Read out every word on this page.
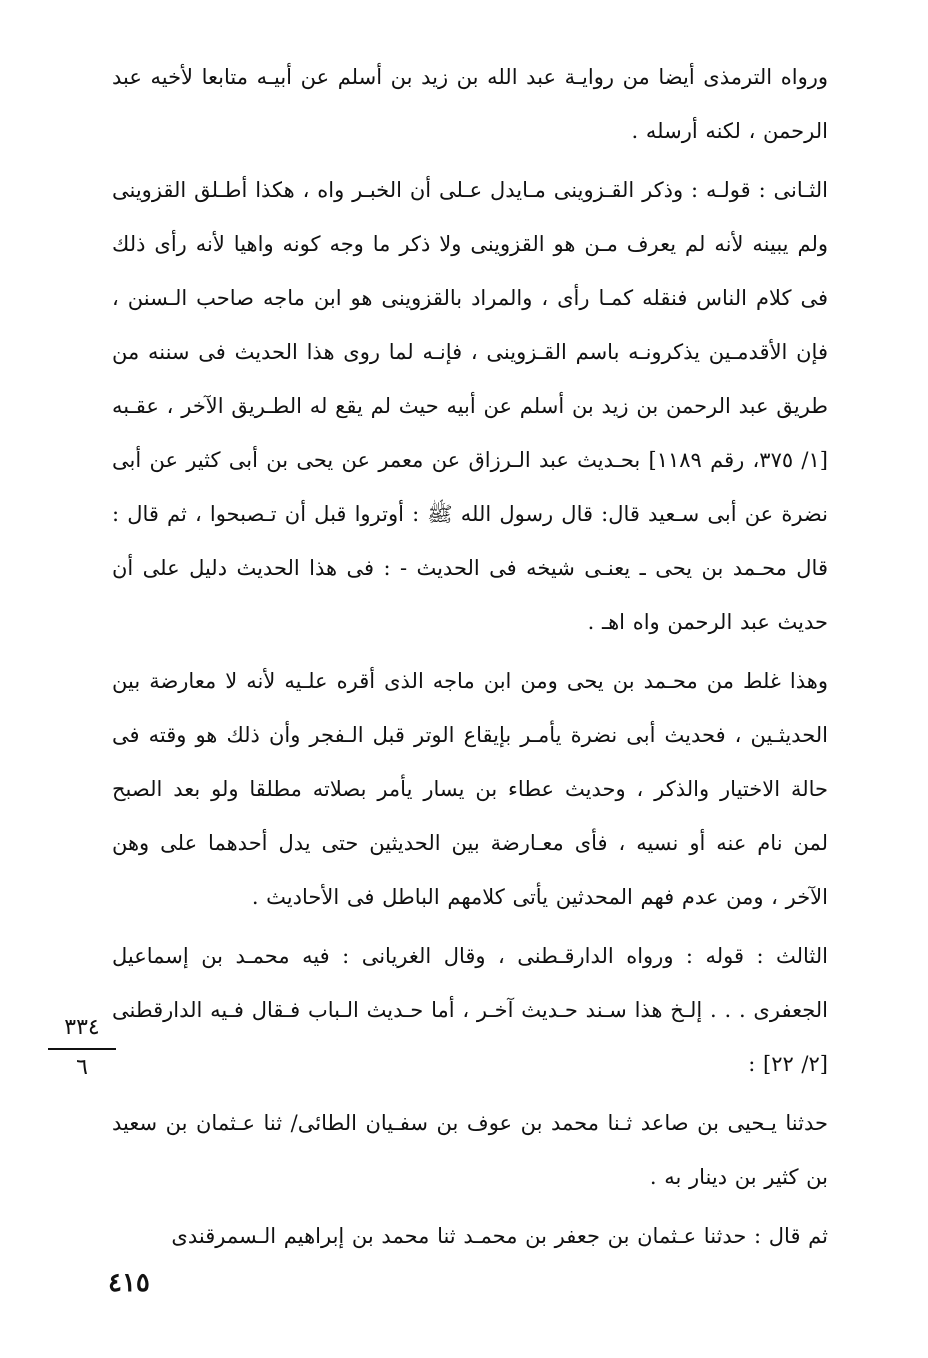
ورواه الترمذى أيضا من روايـة عبد الله بن زيد بن أسلم عن أبيـه متابعا لأخيه عبد الرحمن ، لكنه أرسله .

الثـانى : قولـه : وذكر القـزوينى مـايدل عـلى أن الخبـر واه ، هكذا أطـلق القزوينى ولم يبينه لأنه لم يعرف مـن هو القزوينى ولا ذكر ما وجه كونه واهيا لأنه رأى ذلك فى كلام الناس فنقله كمـا رأى ، والمراد بالقزوينى هو ابن ماجه صاحب الـسنن ، فإن الأقدمـين يذكرونـه باسم القـزوينى ، فإنـه لما روى هذا الحديث فى سننه من طريق عبد الرحمن بن زيد بن أسلم عن أبيه حيث لم يقع له الطـريق الآخر ، عقـبه [١/ ٣٧٥، رقم ١١٨٩] بحـديث عبد الـرزاق عن معمر عن يحى بن أبى كثير عن أبى نضرة عن أبى سـعيد قال: قال رسول الله ﷺ : أوتروا قبل أن تـصبحوا ، ثم قال : قال محـمد بن يحى ـ يعنـى شيخه فى الحديث - : فى هذا الحديث دليل على أن حديث عبد الرحمن واه اهـ .

وهذا غلط من محـمد بن يحى ومن ابن ماجه الذى أقره علـيه لأنه لا معارضة بين الحديثـين ، فحديث أبى نضرة يأمـر بإيقاع الوتر قبل الـفجر وأن ذلك هو وقته فى حالة الاختيار والذكر ، وحديث عطاء بن يسار يأمر بصلاته مطلقا ولو بعد الصبح لمن نام عنه أو نسيه ، فأى معـارضة بين الحديثين حتى يدل أحدهما على وهن الآخر ، ومن عدم فهم المحدثين يأتى كلامهم الباطل فى الأحاديث .

الثالث : قوله : ورواه الدارقـطنى ، وقال الغريانى : فيه محمـد بن إسماعيل الجعفرى . . . إلـخ هذا سـند حـديث آخـر ، أما حـديث الـباب فـقال فـيه الدارقطنى [٢/ ٢٢] :

حدثنا يـحيى بن صاعد ثـنا محمد بن عوف بن سفـيان الطائى/ ثنا عـثمان بن سعيد بن كثير بن دينار به .

ثم قال : حدثنا عـثمان بن جعفر بن محمـد ثنا محمد بن إبراهيم الـسمرقندى

٣٣٤
٦
٤١٥
